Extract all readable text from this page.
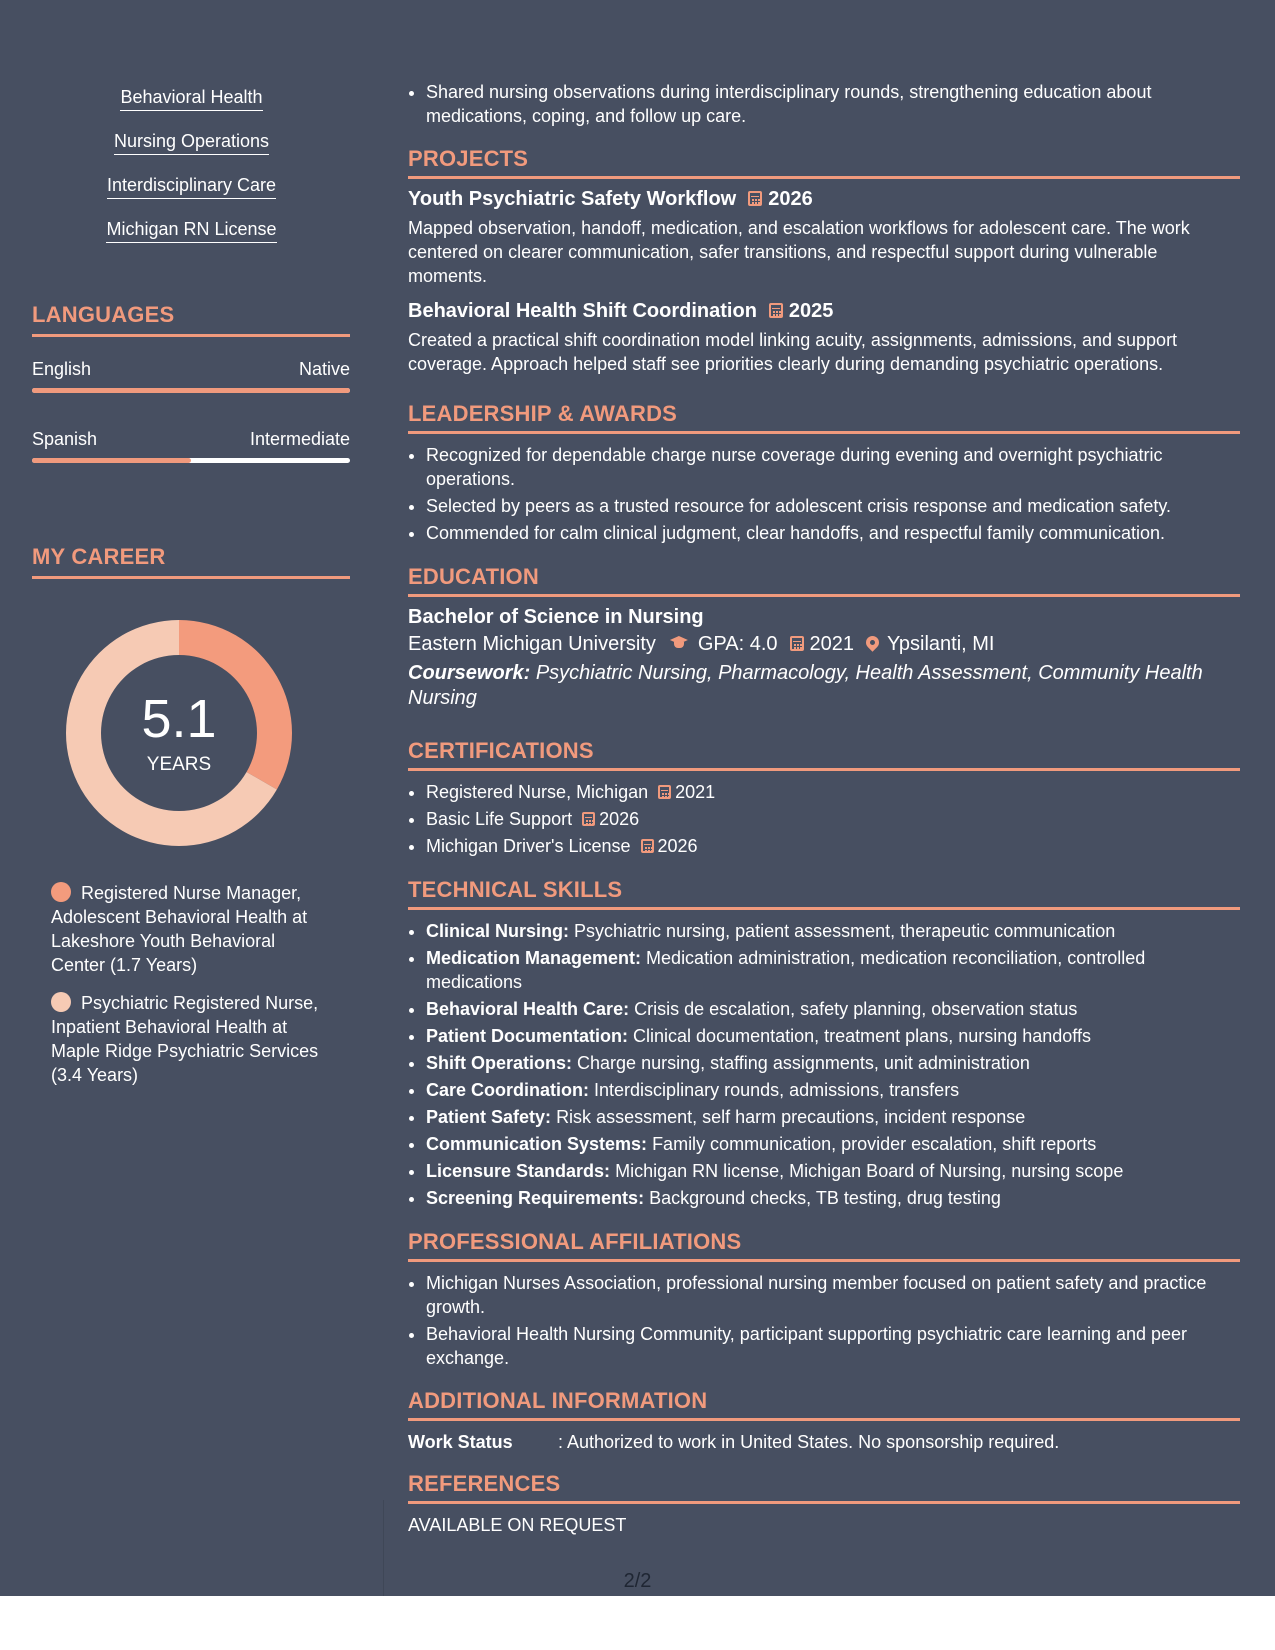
Behavioral Health
Nursing Operations
Interdisciplinary Care
Michigan RN License
LANGUAGES
English	Native
Spanish	Intermediate
MY CAREER
5.1
YEARS
Registered Nurse Manager, Adolescent Behavioral Health at Lakeshore Youth Behavioral Center (1.7 Years)
Psychiatric Registered Nurse, Inpatient Behavioral Health at Maple Ridge Psychiatric Services (3.4 Years)
• Shared nursing observations during interdisciplinary rounds, strengthening education about medications, coping, and follow up care.
PROJECTS
Youth Psychiatric Safety Workflow 2026
Mapped observation, handoff, medication, and escalation workflows for adolescent care. The work centered on clearer communication, safer transitions, and respectful support during vulnerable moments.
Behavioral Health Shift Coordination 2025
Created a practical shift coordination model linking acuity, assignments, admissions, and support coverage. Approach helped staff see priorities clearly during demanding psychiatric operations.
LEADERSHIP & AWARDS
• Recognized for dependable charge nurse coverage during evening and overnight psychiatric operations.
• Selected by peers as a trusted resource for adolescent crisis response and medication safety.
• Commended for calm clinical judgment, clear handoffs, and respectful family communication.
EDUCATION
Bachelor of Science in Nursing
Eastern Michigan University GPA: 4.0 2021 Ypsilanti, MI
Coursework: Psychiatric Nursing, Pharmacology, Health Assessment, Community Health Nursing
CERTIFICATIONS
• Registered Nurse, Michigan 2021
• Basic Life Support 2026
• Michigan Driver's License 2026
TECHNICAL SKILLS
• Clinical Nursing: Psychiatric nursing, patient assessment, therapeutic communication
• Medication Management: Medication administration, medication reconciliation, controlled medications
• Behavioral Health Care: Crisis de escalation, safety planning, observation status
• Patient Documentation: Clinical documentation, treatment plans, nursing handoffs
• Shift Operations: Charge nursing, staffing assignments, unit administration
• Care Coordination: Interdisciplinary rounds, admissions, transfers
• Patient Safety: Risk assessment, self harm precautions, incident response
• Communication Systems: Family communication, provider escalation, shift reports
• Licensure Standards: Michigan RN license, Michigan Board of Nursing, nursing scope
• Screening Requirements: Background checks, TB testing, drug testing
PROFESSIONAL AFFILIATIONS
• Michigan Nurses Association, professional nursing member focused on patient safety and practice growth.
• Behavioral Health Nursing Community, participant supporting psychiatric care learning and peer exchange.
ADDITIONAL INFORMATION
Work Status	: Authorized to work in United States. No sponsorship required.
REFERENCES
AVAILABLE ON REQUEST
2/2
